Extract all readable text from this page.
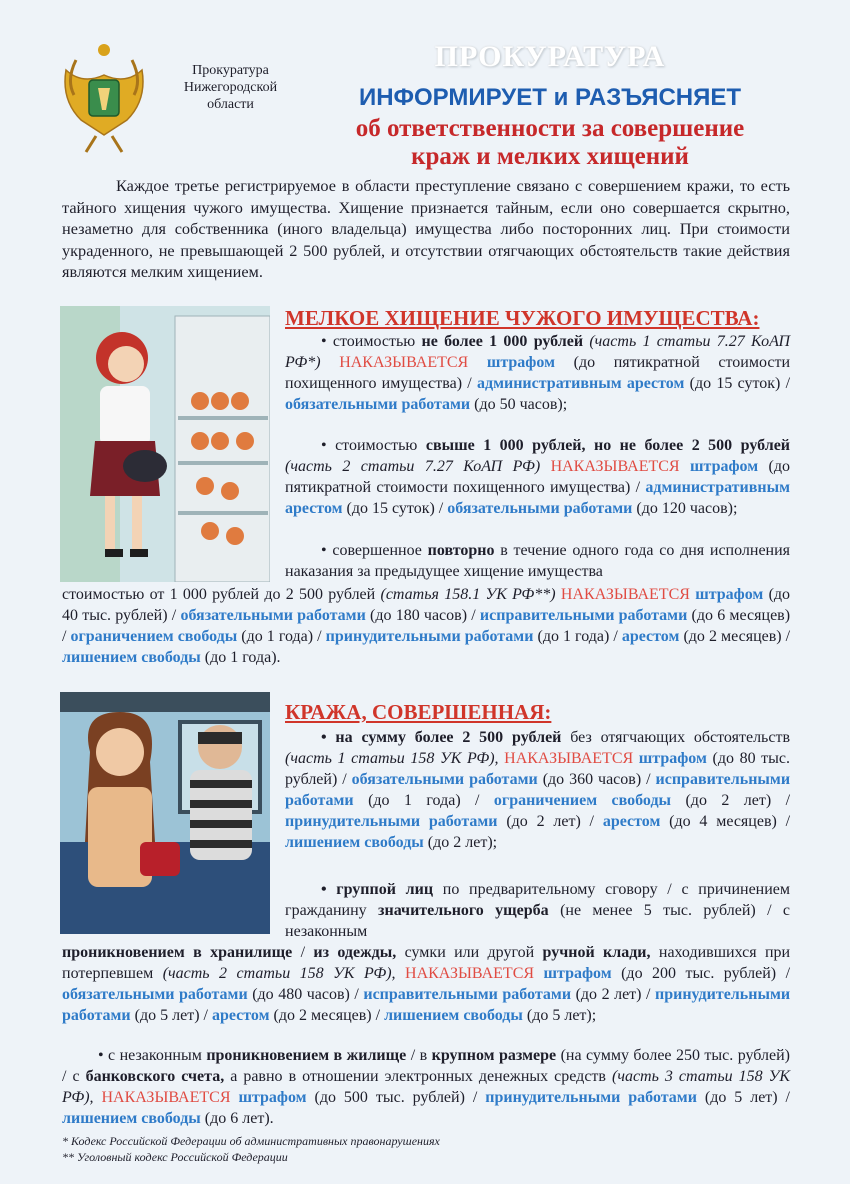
Прокуратура
Нижегородской
области
ПРОКУРАТУРА
ИНФОРМИРУЕТ и РАЗЪЯСНЯЕТ
об ответственности за совершение
краж и мелких хищений
Каждое третье регистрируемое в области преступление связано с совершением кражи, то есть тайного хищения чужого имущества. Хищение признается тайным, если оно совершается скрытно, незаметно для собственника (иного владельца) имущества либо посторонних лиц. При стоимости украденного, не превышающей 2 500 рублей, и отсутствии отягчающих обстоятельств такие действия являются мелким хищением.
МЕЛКОЕ ХИЩЕНИЕ ЧУЖОГО ИМУЩЕСТВА:
• стоимостью не более 1 000 рублей (часть 1 статьи 7.27 КоАП РФ*) НАКАЗЫВАЕТСЯ штрафом (до пятикратной стоимости похищенного имущества) / административным арестом (до 15 суток) / обязательными работами (до 50 часов);
• стоимостью свыше 1 000 рублей, но не более 2 500 рублей (часть 2 статьи 7.27 КоАП РФ) НАКАЗЫВАЕТСЯ штрафом (до пятикратной стоимости похищенного имущества) / административным арестом (до 15 суток) / обязательными работами (до 120 часов);
• совершенное повторно в течение одного года со дня исполнения наказания за предыдущее хищение имущества
стоимостью от 1 000 рублей до 2 500 рублей (статья 158.1 УК РФ**) НАКАЗЫВАЕТСЯ штрафом (до 40 тыс. рублей) / обязательными работами (до 180 часов) / исправительными работами (до 6 месяцев) / ограничением свободы (до 1 года) / принудительными работами (до 1 года) / арестом (до 2 месяцев) / лишением свободы (до 1 года).
КРАЖА, СОВЕРШЕННАЯ:
• на сумму более 2 500 рублей без отягчающих обстоятельств (часть 1 статьи 158 УК РФ), НАКАЗЫВАЕТСЯ штрафом (до 80 тыс. рублей) / обязательными работами (до 360 часов) / исправительными работами (до 1 года) / ограничением свободы (до 2 лет) / принудительными работами (до 2 лет) / арестом (до 4 месяцев) / лишением свободы (до 2 лет);
• группой лиц по предварительному сговору / с причинением гражданину значительного ущерба (не менее 5 тыс. рублей) / с незаконным
проникновением в хранилище / из одежды, сумки или другой ручной клади, находившихся при потерпевшем (часть 2 статьи 158 УК РФ), НАКАЗЫВАЕТСЯ штрафом (до 200 тыс. рублей) / обязательными работами (до 480 часов) / исправительными работами (до 2 лет) / принудительными работами (до 5 лет) / арестом (до 2 месяцев) / лишением свободы (до 5 лет);
• с незаконным проникновением в жилище / в крупном размере (на сумму более 250 тыс. рублей) / с банковского счета, а равно в отношении электронных денежных средств (часть 3 статьи 158 УК РФ), НАКАЗЫВАЕТСЯ штрафом (до 500 тыс. рублей) / принудительными работами (до 5 лет) / лишением свободы (до 6 лет).
* Кодекс Российской Федерации об административных правонарушениях
** Уголовный кодекс Российской Федерации
